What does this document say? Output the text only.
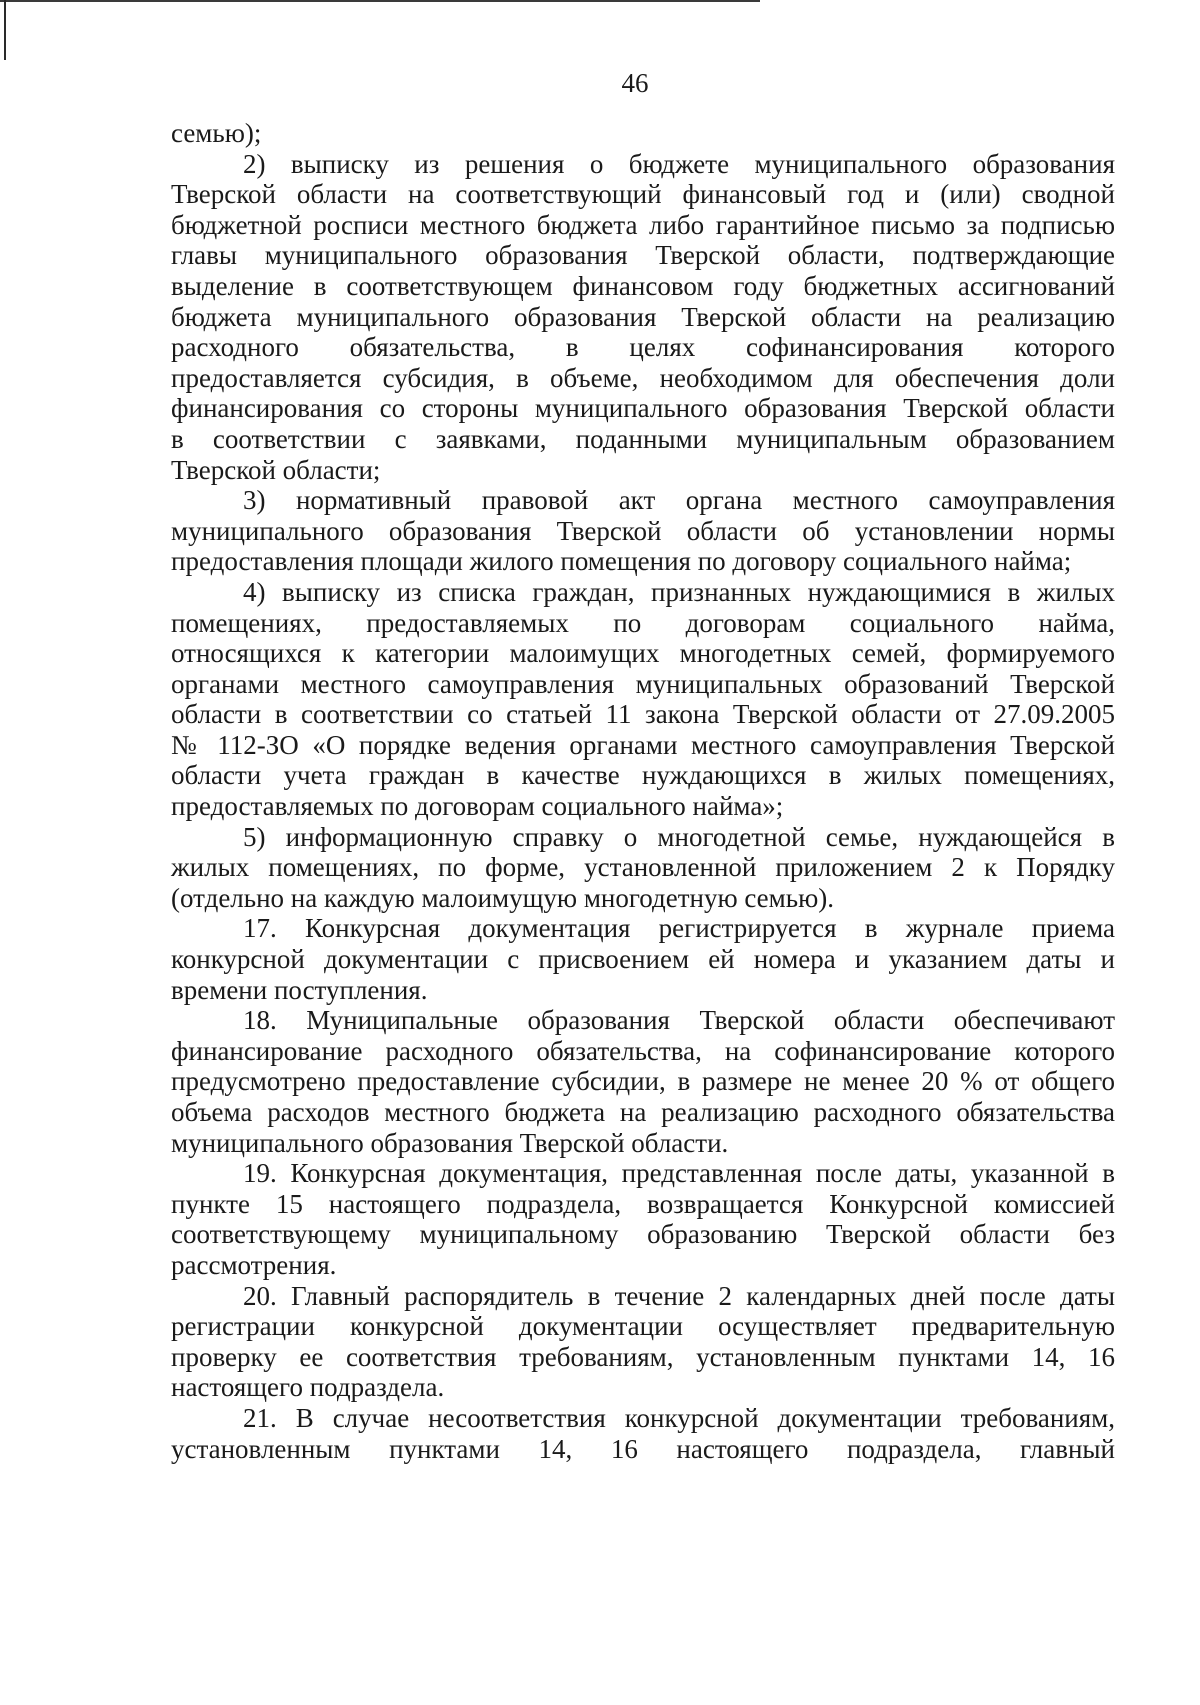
46
семью);
2) выписку из решения о бюджете муниципального образования
Тверской области на соответствующий финансовый год и (или) сводной
бюджетной росписи местного бюджета либо гарантийное письмо за подписью
главы муниципального образования Тверской области, подтверждающие
выделение в соответствующем финансовом году бюджетных ассигнований
бюджета муниципального образования Тверской области на реализацию
расходного обязательства, в целях софинансирования которого
предоставляется субсидия, в объеме, необходимом для обеспечения доли
финансирования со стороны муниципального образования Тверской области
в соответствии с заявками, поданными муниципальным образованием
Тверской области;
3) нормативный правовой акт органа местного самоуправления
муниципального образования Тверской области об установлении нормы
предоставления площади жилого помещения по договору социального найма;
4) выписку из списка граждан, признанных нуждающимися в жилых
помещениях, предоставляемых по договорам социального найма,
относящихся к категории малоимущих многодетных семей, формируемого
органами местного самоуправления муниципальных образований Тверской
области в соответствии со статьей 11 закона Тверской области от 27.09.2005
№ 112-ЗО «О порядке ведения органами местного самоуправления Тверской
области учета граждан в качестве нуждающихся в жилых помещениях,
предоставляемых по договорам социального найма»;
5) информационную справку о многодетной семье, нуждающейся в
жилых помещениях, по форме, установленной приложением 2 к Порядку
(отдельно на каждую малоимущую многодетную семью).
17. Конкурсная документация регистрируется в журнале приема
конкурсной документации с присвоением ей номера и указанием даты и
времени поступления.
18. Муниципальные образования Тверской области обеспечивают
финансирование расходного обязательства, на софинансирование которого
предусмотрено предоставление субсидии, в размере не менее 20 % от общего
объема расходов местного бюджета на реализацию расходного обязательства
муниципального образования Тверской области.
19. Конкурсная документация, представленная после даты, указанной в
пункте 15 настоящего подраздела, возвращается Конкурсной комиссией
соответствующему муниципальному образованию Тверской области без
рассмотрения.
20. Главный распорядитель в течение 2 календарных дней после даты
регистрации конкурсной документации осуществляет предварительную
проверку ее соответствия требованиям, установленным пунктами 14, 16
настоящего подраздела.
21. В случае несоответствия конкурсной документации требованиям,
установленным пунктами 14, 16 настоящего подраздела, главный
